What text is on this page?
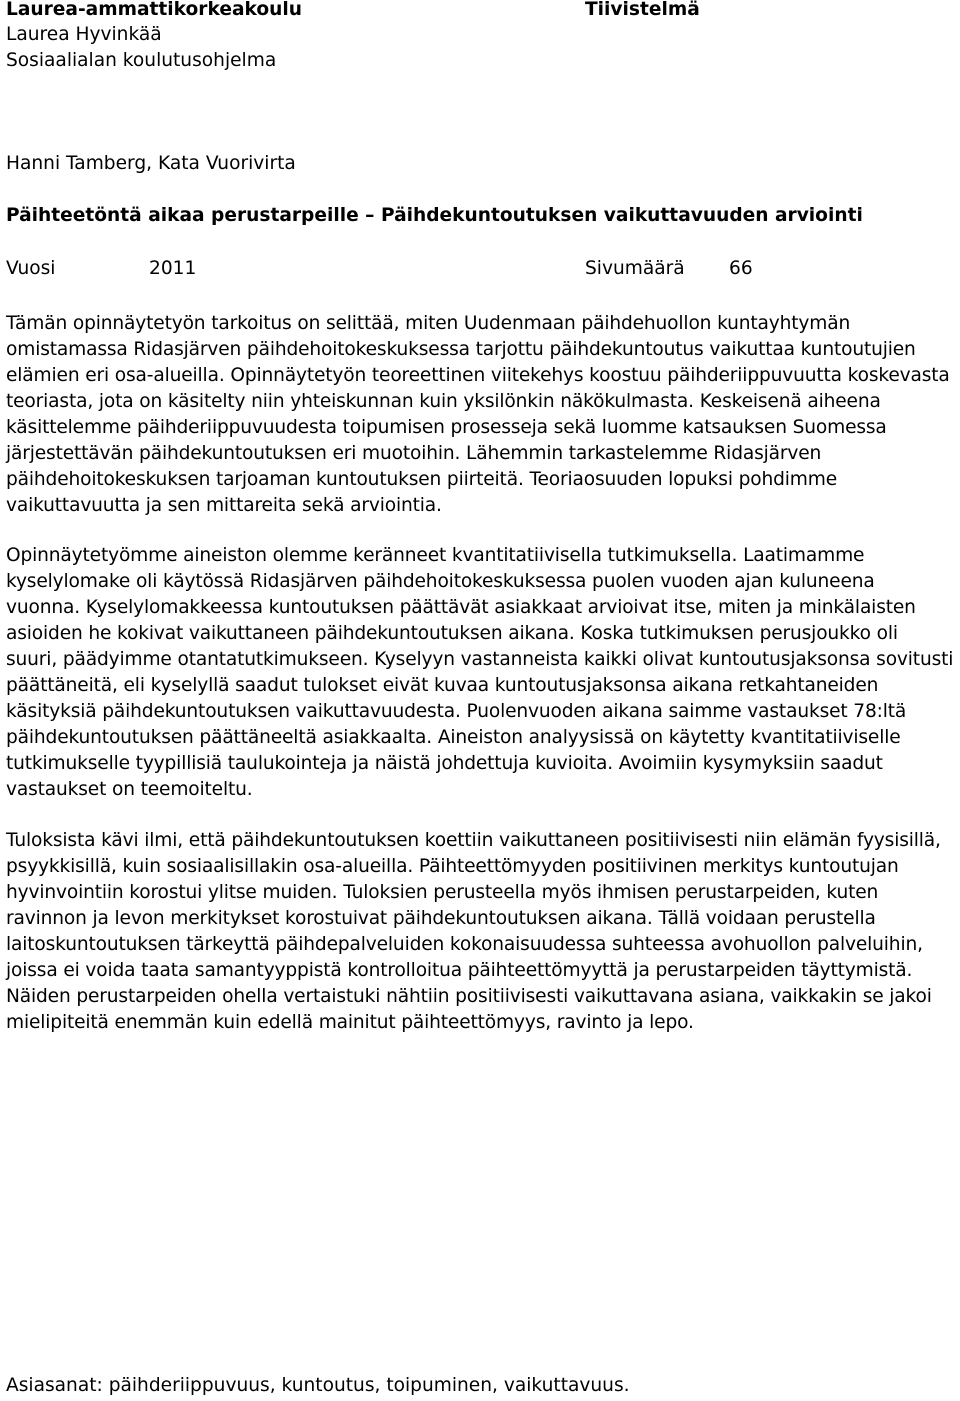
Laurea-ammattikorkeakoulu
Laurea Hyvinkää
Sosiaalialan koulutusohjelma
Tiivistelmä
Hanni Tamberg, Kata Vuorivirta
Päihteetöntä aikaa perustarpeille – Päihdekuntoutuksen vaikuttavuuden arviointi
Vuosi	2011	Sivumäärä 66
Tämän opinnäytetyön tarkoitus on selittää, miten Uudenmaan päihdehuollon kuntayhtymän omistamassa Ridasjärven päihdehoitokeskuksessa tarjottu päihdekuntoutus vaikuttaa kuntoutujien elämien eri osa-alueilla. Opinnäytetyön teoreettinen viitekehys koostuu päihderiippuvuutta koskevasta teoriasta, jota on käsitelty niin yhteiskunnan kuin yksilönkin näkökulmasta. Keskeisenä aiheena käsittelemme päihderiippuvuudesta toipumisen prosesseja sekä luomme katsauksen Suomessa järjestettävän päihdekuntoutuksen eri muotoihin. Lähemmin tarkastelemme Ridasjärven päihdehoitokeskuksen tarjoaman kuntoutuksen piirteitä. Teoriaosuuden lopuksi pohdimme vaikuttavuutta ja sen mittareita sekä arviointia.
Opinnäytetyömme aineiston olemme keränneet kvantitatiivisella tutkimuksella. Laatimamme kyselylomake oli käytössä Ridasjärven päihdehoitokeskuksessa puolen vuoden ajan kuluneena vuonna. Kyselylomakkeessa kuntoutuksen päättävät asiakkaat arvioivat itse, miten ja minkälaisten asioiden he kokivat vaikuttaneen päihdekuntoutuksen aikana. Koska tutkimuksen perusjoukko oli suuri, päädyimme otantatutkimukseen. Kyselyyn vastanneista kaikki olivat kuntoutusjaksonsa sovitusti päättäneitä, eli kyselyllä saadut tulokset eivät kuvaa kuntoutusjaksonsa aikana retkahtaneiden käsityksiä päihdekuntoutuksen vaikuttavuudesta. Puolenvuoden aikana saimme vastaukset 78:ltä päihdekuntoutuksen päättäneeltä asiakkaalta. Aineiston analyysissä on käytetty kvantitatiiviselle tutkimukselle tyypillisiä taulukointeja ja näistä johdettuja kuvioita. Avoimiin kysymyksiin saadut vastaukset on teemoiteltu.
Tuloksista kävi ilmi, että päihdekuntoutuksen koettiin vaikuttaneen positiivisesti niin elämän fyysisillä, psyykkisillä, kuin sosiaalisillakin osa-alueilla. Päihteettömyyden positiivinen merkitys kuntoutujan hyvinvointiin korostui ylitse muiden. Tuloksien perusteella myös ihmisen perustarpeiden, kuten ravinnon ja levon merkitykset korostuivat päihdekuntoutuksen aikana. Tällä voidaan perustella laitoskuntoutuksen tärkeyttä päihdepalveluiden kokonaisuudessa suhteessa avohuollon palveluihin, joissa ei voida taata samantyyppistä kontrolloitua päihteettömyyttä ja perustarpeiden täyttymistä. Näiden perustarpeiden ohella vertaistuki nähtiin positiivisesti vaikuttavana asiana, vaikkakin se jakoi mielipiteitä enemmän kuin edellä mainitut päihteettömyys, ravinto ja lepo.
Asiasanat: päihderiippuvuus, kuntoutus, toipuminen, vaikuttavuus.
